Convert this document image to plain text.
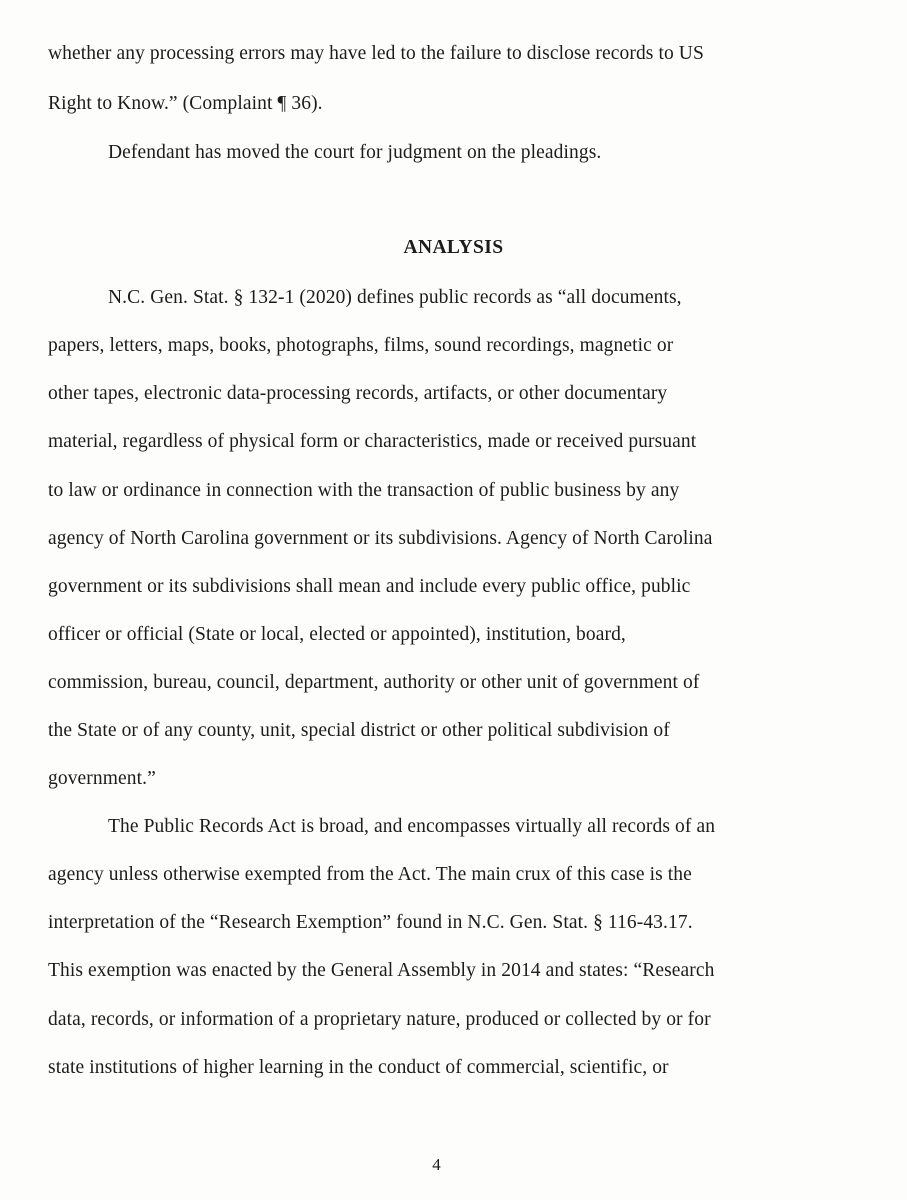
whether any processing errors may have led to the failure to disclose records to US
Right to Know.” (Complaint ¶ 36).
Defendant has moved the court for judgment on the pleadings.
ANALYSIS
N.C. Gen. Stat. § 132-1 (2020) defines public records as “all documents,
papers, letters, maps, books, photographs, films, sound recordings, magnetic or
other tapes, electronic data-processing records, artifacts, or other documentary
material, regardless of physical form or characteristics, made or received pursuant
to law or ordinance in connection with the transaction of public business by any
agency of North Carolina government or its subdivisions. Agency of North Carolina
government or its subdivisions shall mean and include every public office, public
officer or official (State or local, elected or appointed), institution, board,
commission, bureau, council, department, authority or other unit of government of
the State or of any county, unit, special district or other political subdivision of
government.”
The Public Records Act is broad, and encompasses virtually all records of an
agency unless otherwise exempted from the Act. The main crux of this case is the
interpretation of the “Research Exemption” found in N.C. Gen. Stat. § 116-43.17.
This exemption was enacted by the General Assembly in 2014 and states: “Research
data, records, or information of a proprietary nature, produced or collected by or for
state institutions of higher learning in the conduct of commercial, scientific, or
4
